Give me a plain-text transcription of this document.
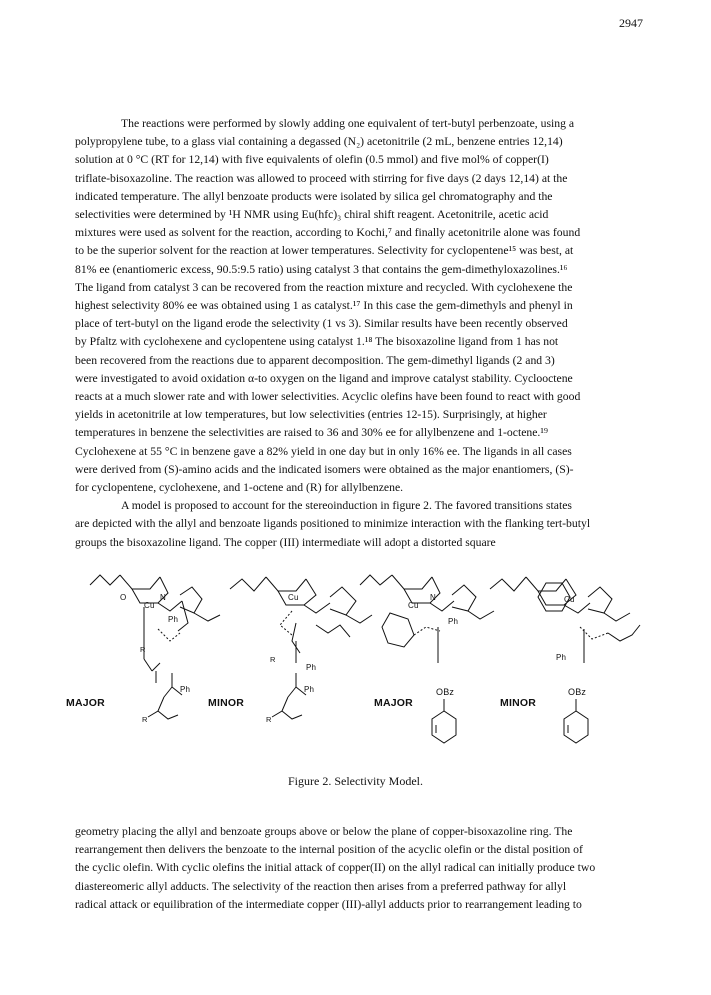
2947
The reactions were performed by slowly adding one equivalent of tert-butyl perbenzoate, using a
polypropylene tube, to a glass vial containing a degassed (N₂) acetonitrile (2 mL, benzene entries 12,14)
solution at 0 °C (RT for 12,14) with five equivalents of olefin (0.5 mmol) and five mol% of copper(I)
triflate-bisoxazoline. The reaction was allowed to proceed with stirring for five days (2 days 12,14) at the
indicated temperature. The allyl benzoate products were isolated by silica gel chromatography and the
selectivities were determined by ¹H NMR using Eu(hfc)₃ chiral shift reagent. Acetonitrile, acetic acid
mixtures were used as solvent for the reaction, according to Kochi,⁷ and finally acetonitrile alone was found
to be the superior solvent for the reaction at lower temperatures. Selectivity for cyclopentene¹⁵ was best, at
81% ee (enantiomeric excess, 90.5:9.5 ratio) using catalyst 3 that contains the gem-dimethyloxazolines.¹⁶
The ligand from catalyst 3 can be recovered from the reaction mixture and recycled. With cyclohexene the
highest selectivity 80% ee was obtained using 1 as catalyst.¹⁷ In this case the gem-dimethyls and phenyl in
place of tert-butyl on the ligand erode the selectivity (1 vs 3). Similar results have been recently observed
by Pfaltz with cyclohexene and cyclopentene using catalyst 1.¹⁸ The bisoxazoline ligand from 1 has not
been recovered from the reactions due to apparent decomposition. The gem-dimethyl ligands (2 and 3)
were investigated to avoid oxidation α-to oxygen on the ligand and improve catalyst stability. Cyclooctene
reacts at a much slower rate and with lower selectivities. Acyclic olefins have been found to react with good
yields in acetonitrile at low temperatures, but low selectivities (entries 12-15). Surprisingly, at higher
temperatures in benzene the selectivities are raised to 36 and 30% ee for allylbenzene and 1-octene.¹⁹
Cyclohexene at 55 °C in benzene gave a 82% yield in one day but in only 16% ee. The ligands in all cases
were derived from (S)-amino acids and the indicated isomers were obtained as the major enantiomers, (S)-
for cyclopentene, cyclohexene, and 1-octene and (R) for allylbenzene.
A model is proposed to account for the stereoinduction in figure 2. The favored transitions states
are depicted with the allyl and benzoate ligands positioned to minimize interaction with the flanking tert-butyl
groups the bisoxazoline ligand. The copper (III) intermediate will adopt a distorted square
O
Cu
N
Ph
R
Cu
R
Ph
Cu
N
Ph
Cu
Ph
OBz	OBz
Ph	Ph
R	R
MAJOR	MINOR	MAJOR	MINOR
Figure 2. Selectivity Model.
geometry placing the allyl and benzoate groups above or below the plane of copper-bisoxazoline ring. The
rearrangement then delivers the benzoate to the internal position of the acyclic olefin or the distal position of
the cyclic olefin. With cyclic olefins the initial attack of copper(II) on the allyl radical can initially produce two
diastereomeric allyl adducts. The selectivity of the reaction then arises from a preferred pathway for allyl
radical attack or equilibration of the intermediate copper (III)-allyl adducts prior to rearrangement leading to
